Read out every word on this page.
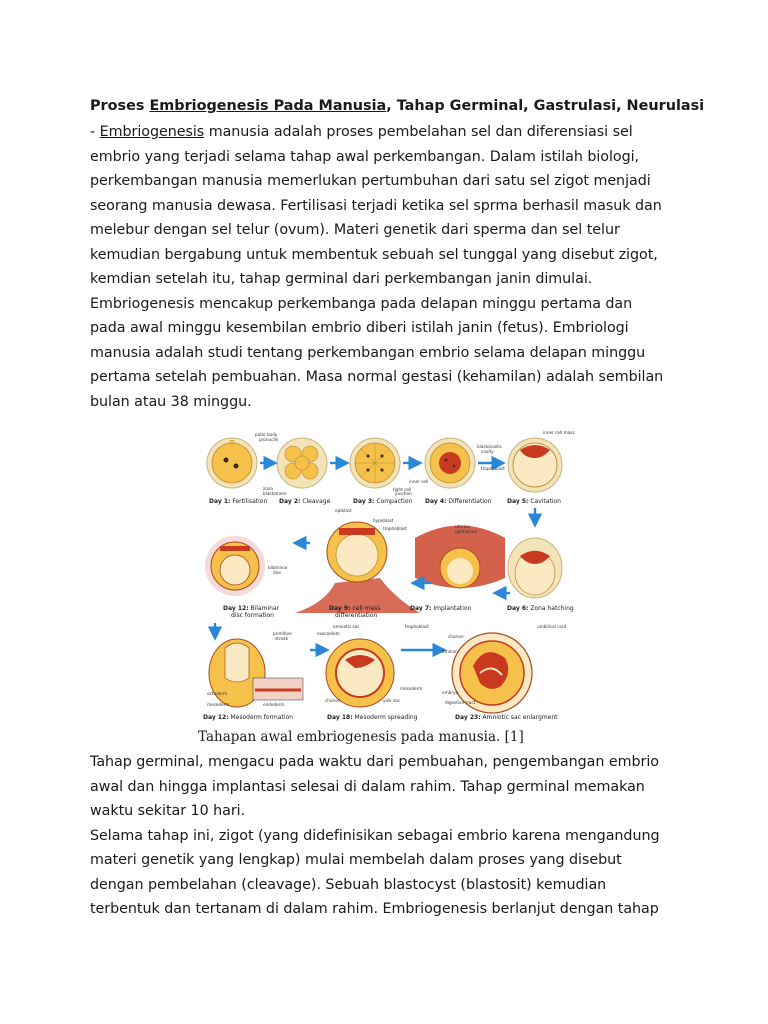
Proses Embriogenesis Pada Manusia, Tahap Germinal, Gastrulasi, Neurulasi

- Embriogenesis manusia adalah proses pembelahan sel dan diferensiasi sel
embrio yang terjadi selama tahap awal perkembangan. Dalam istilah biologi,
perkembangan manusia memerlukan pertumbuhan dari satu sel zigot menjadi
seorang manusia dewasa. Fertilisasi terjadi ketika sel sprma berhasil masuk dan
melebur dengan sel telur (ovum). Materi genetik dari sperma dan sel telur
kemudian bergabung untuk membentuk sebuah sel tunggal yang disebut zigot,
kemdian setelah itu, tahap germinal dari perkembangan janin dimulai.
Embriogenesis mencakup perkembanga pada delapan minggu pertama dan
pada awal minggu kesembilan embrio diberi istilah janin (fetus). Embriologi
manusia adalah studi tentang perkembangan embrio selama delapan minggu
pertama setelah pembuahan. Masa normal gestasi (kehamilan) adalah sembilan
bulan atau 38 minggu.

Day 1: Fertilisation Day 2: Cleavage	Day 3: Compaction Day 4: Differentiation	Day 5: Cavitation
polar body
pronuclei
zona
blastomere
tight cell
junction
inner cell
inner cell mass
blastocoelic
cavity
trophoblast
epiblast
hypoblast
trophoblast	uterine
epithelium
bilaminar
disc
Day 12: Bilaminar
disc formation
Day 9: cell mass
differentiation
Day 7: Implantation	Day 6: Zona hatching
primitive
streak
ectoderm
mesoderm	endoderm
amniotic sac
exocoelom
trophoblast
mesoderm
yolk sac
chorion
umbilical cord
chorion
amnion
embryo
digestive tract
Day 12: Mesoderm formation	Day 18: Mesoderm spreading	Day 23: Amniotic sac enlargment
Tahapan awal embriogenesis pada manusia. [1]

Tahap germinal, mengacu pada waktu dari pembuahan, pengembangan embrio
awal dan hingga implantasi selesai di dalam rahim. Tahap germinal memakan
waktu sekitar 10 hari.
Selama tahap ini, zigot (yang didefinisikan sebagai embrio karena mengandung
materi genetik yang lengkap) mulai membelah dalam proses yang disebut
dengan pembelahan (cleavage). Sebuah blastocyst (blastosit) kemudian
terbentuk dan tertanam di dalam rahim. Embriogenesis berlanjut dengan tahap
